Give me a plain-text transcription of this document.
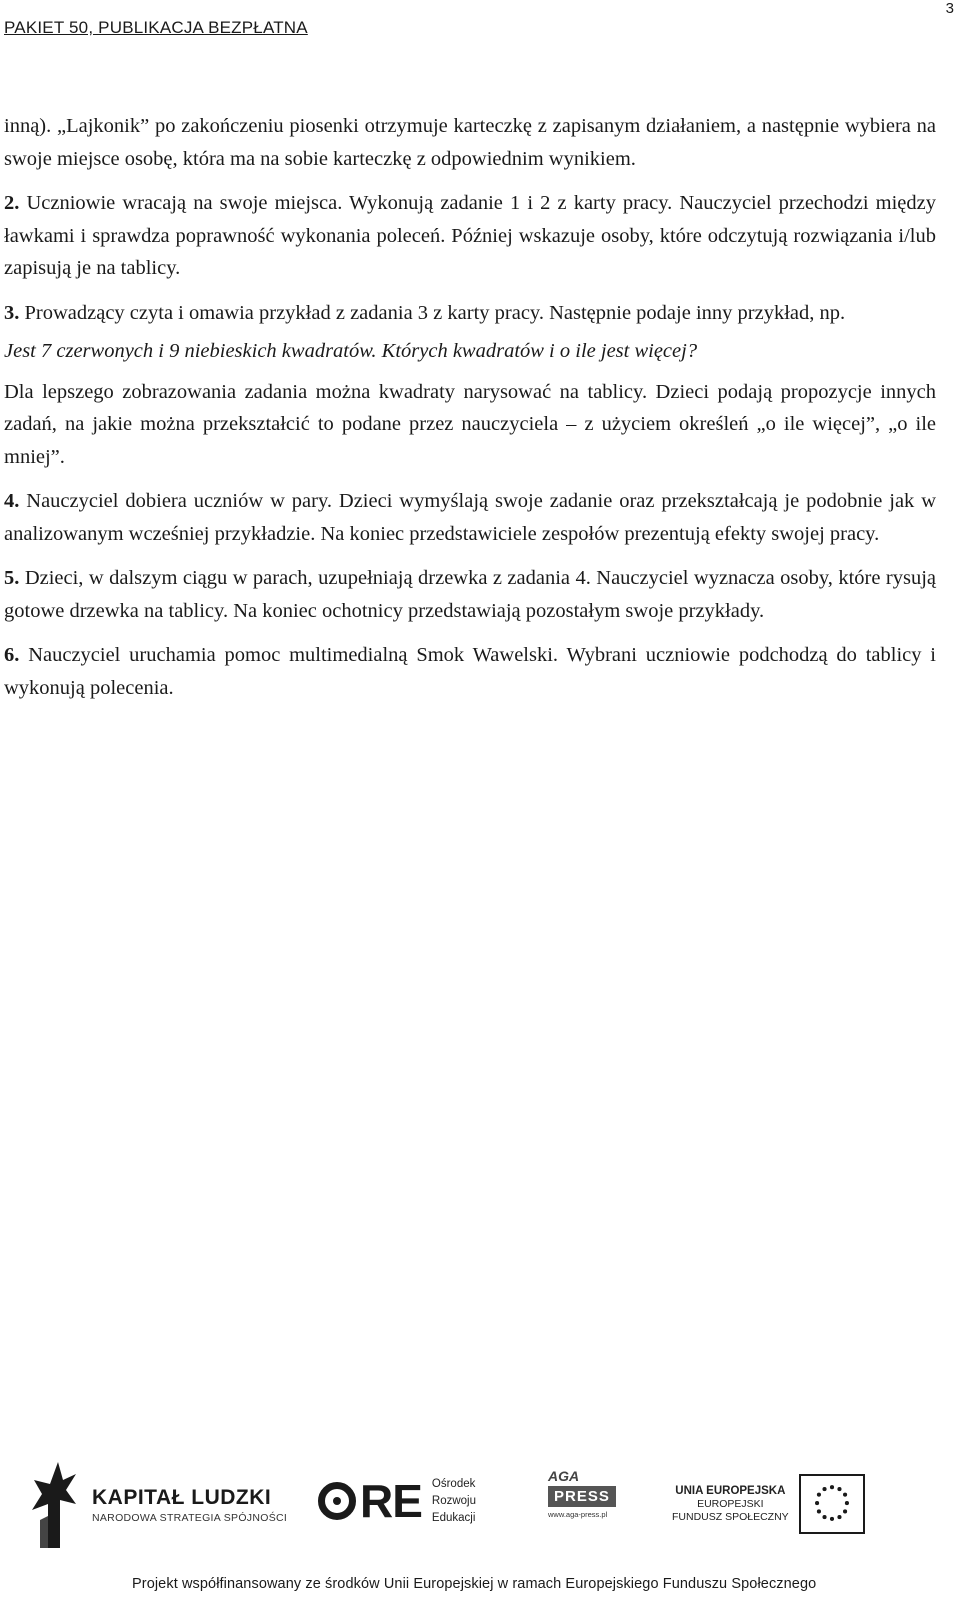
PAKIET 50, PUBLIKACJA BEZPŁATNA
3

inną). „Lajkonik” po zakończeniu piosenki otrzymuje karteczkę z zapisanym działaniem, a następnie wybiera na swoje miejsce osobę, która ma na sobie karteczkę z odpowiednim wynikiem.

2. Uczniowie wracają na swoje miejsca. Wykonują zadanie 1 i 2 z karty pracy. Nauczyciel przechodzi między ławkami i sprawdza poprawność wykonania poleceń. Później wskazuje osoby, które odczytują rozwiązania i/lub zapisują je na tablicy.

3. Prowadzący czyta i omawia przykład z zadania 3 z karty pracy. Następnie podaje inny przykład, np.

Jest 7 czerwonych i 9 niebieskich kwadratów. Których kwadratów i o ile jest więcej?

Dla lepszego zobrazowania zadania można kwadraty narysować na tablicy. Dzieci podają propozycje innych zadań, na jakie można przekształcić to podane przez nauczyciela – z użyciem określeń „o ile więcej”, „o ile mniej”.

4. Nauczyciel dobiera uczniów w pary. Dzieci wymyślają swoje zadanie oraz przekształcają je podobnie jak w analizowanym wcześniej przykładzie. Na koniec przedstawiciele zespołów prezentują efekty swojej pracy.

5. Dzieci, w dalszym ciągu w parach, uzupełniają drzewka z zadania 4. Nauczyciel wyznacza osoby, które rysują gotowe drzewka na tablicy. Na koniec ochotnicy przedstawiają pozostałym swoje przykłady.

6. Nauczyciel uruchamia pomoc multimedialną Smok Wawelski. Wybrani uczniowie podchodzą do tablicy i wykonują polecenia.

KAPITAŁ LUDZKI
NARODOWA STRATEGIA SPÓJNOŚCI RE Ośrodek
Rozwoju
Edukacji
AGA
PRESS
www.aga-press.pl
UNIA EUROPEJSKA
EUROPEJSKI
FUNDUSZ SPOŁECZNY
Projekt współfinansowany ze środków Unii Europejskiej w ramach Europejskiego Funduszu Społecznego
